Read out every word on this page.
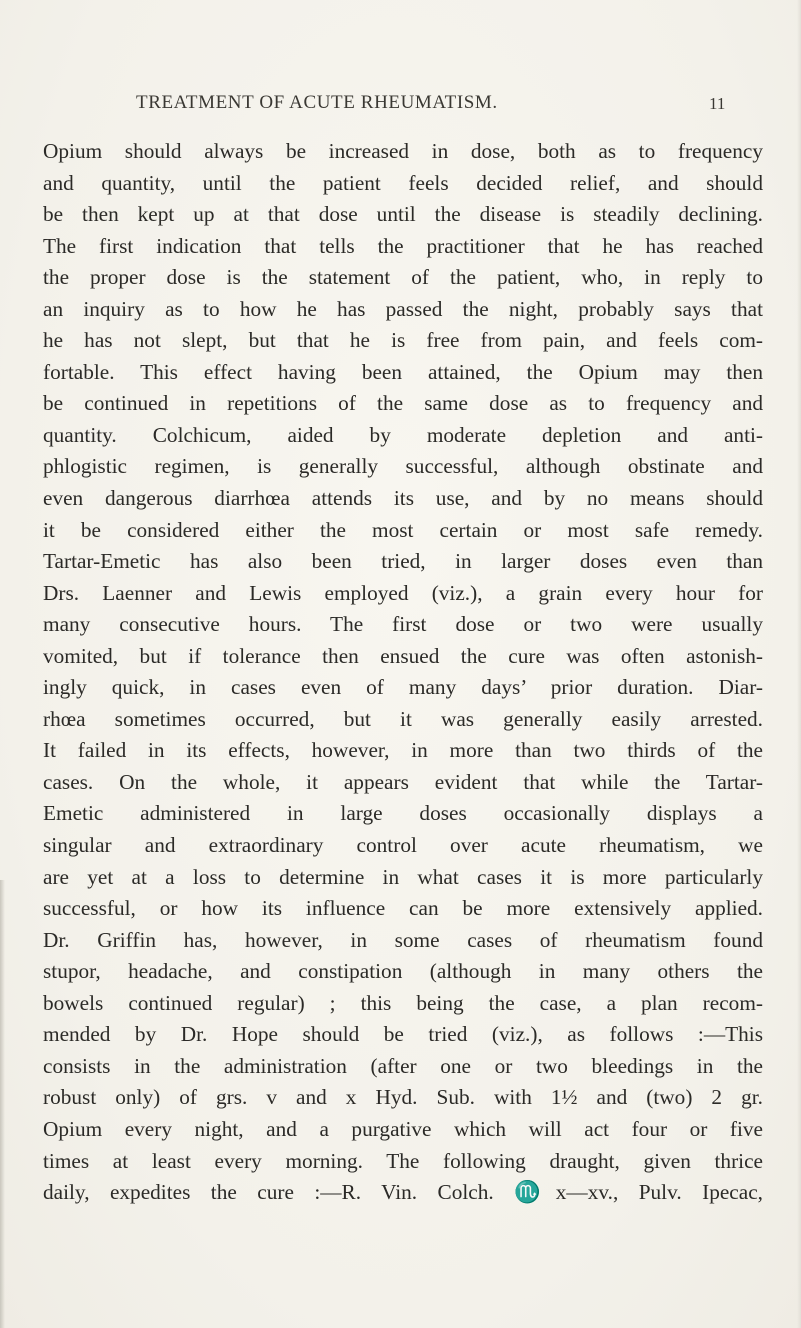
TREATMENT OF ACUTE RHEUMATISM.	11
Opium should always be increased in dose, both as to frequency
and quantity, until the patient feels decided relief, and should
be then kept up at that dose until the disease is steadily declining.
The first indication that tells the practitioner that he has reached
the proper dose is the statement of the patient, who, in reply to
an inquiry as to how he has passed the night, probably says that
he has not slept, but that he is free from pain, and feels com-
fortable. This effect having been attained, the Opium may then
be continued in repetitions of the same dose as to frequency and
quantity. Colchicum, aided by moderate depletion and anti-
phlogistic regimen, is generally successful, although obstinate and
even dangerous diarrhœa attends its use, and by no means should
it be considered either the most certain or most safe remedy.
Tartar-Emetic has also been tried, in larger doses even than
Drs. Laenner and Lewis employed (viz.), a grain every hour for
many consecutive hours. The first dose or two were usually
vomited, but if tolerance then ensued the cure was often astonish-
ingly quick, in cases even of many days’ prior duration. Diar-
rhœa sometimes occurred, but it was generally easily arrested.
It failed in its effects, however, in more than two thirds of the
cases. On the whole, it appears evident that while the Tartar-
Emetic administered in large doses occasionally displays a
singular and extraordinary control over acute rheumatism, we
are yet at a loss to determine in what cases it is more particularly
successful, or how its influence can be more extensively applied.
Dr. Griffin has, however, in some cases of rheumatism found
stupor, headache, and constipation (although in many others the
bowels continued regular) ; this being the case, a plan recom-
mended by Dr. Hope should be tried (viz.), as follows :—This
consists in the administration (after one or two bleedings in the
robust only) of grs. v and x Hyd. Sub. with 1½ and (two) 2 gr.
Opium every night, and a purgative which will act four or five
times at least every morning. The following draught, given thrice
daily, expedites the cure :—R. Vin. Colch. ♏x—xv., Pulv. Ipecac,
